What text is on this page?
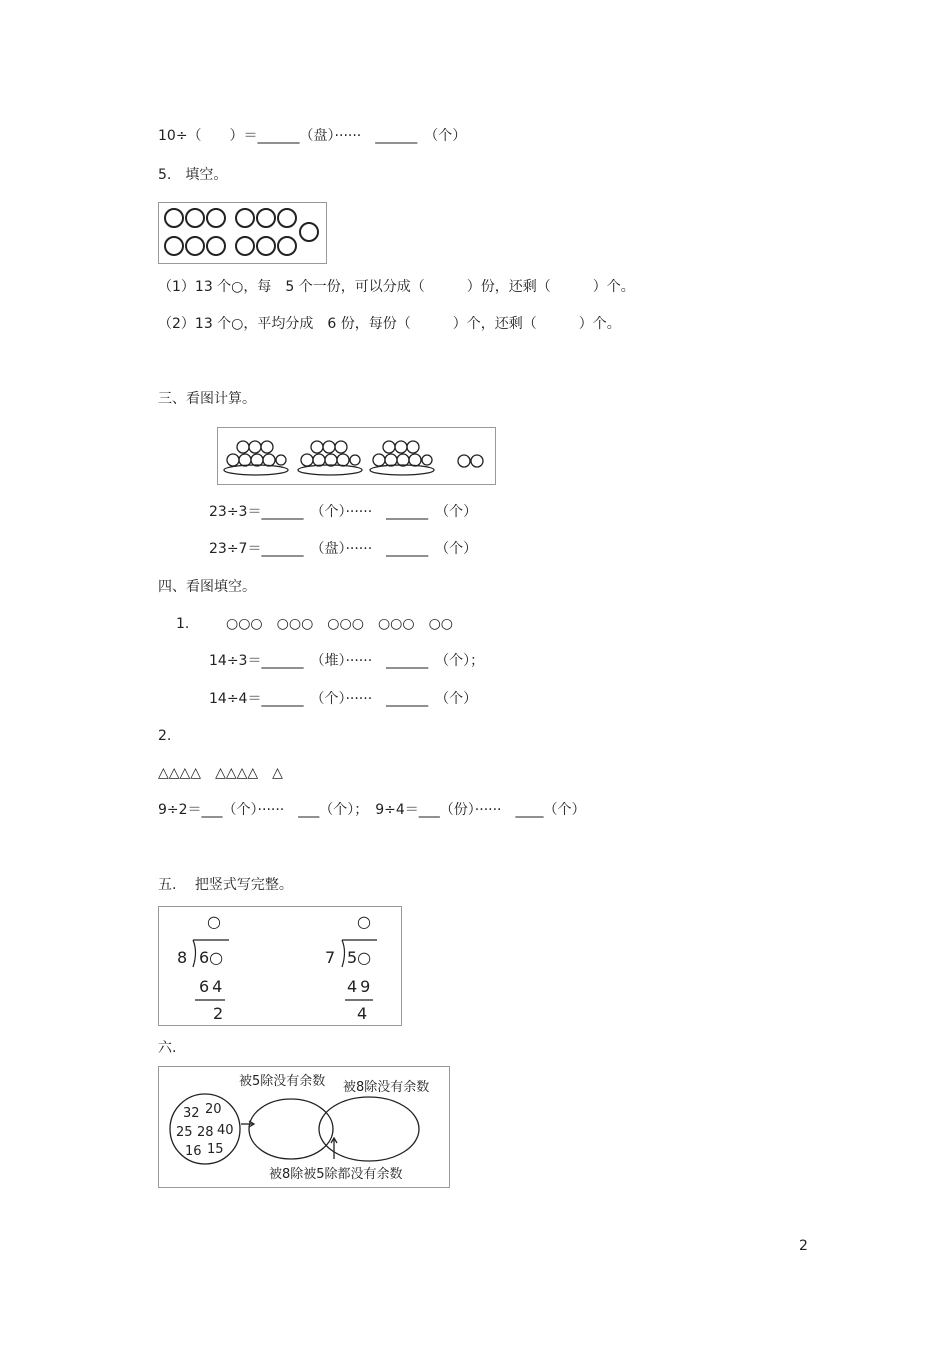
10÷（　　）＝______（盘）······　______　（个）
5.　填空。
（1）13 个○，每　5 个一份，可以分成（　　　）份，还剩（　　　）个。
（2）13 个○，平均分成　6 份，每份（　　　）个，还剩（　　　）个。
三、看图计算。
23÷3＝______　（个）······　______　（个）
23÷7＝______　（盘）······　______　（个）
四、看图填空。
1.	○○○　○○○　○○○　○○○　○○
14÷3＝______　（堆）······　______　（个）；
14÷4＝______　（个）······　______　（个）
2.
△△△△　△△△△　△
9÷2＝___（个）······　___（个）；　9÷4＝___（份）······　____（个）
五.　 把竖式写完整。
○
8 6○
64
2
○
7 5○
49
4
六.
32 20
25 28 40
16 15
被5除没有余数 被8除没有余数
被8除被5除都没有余数
2
